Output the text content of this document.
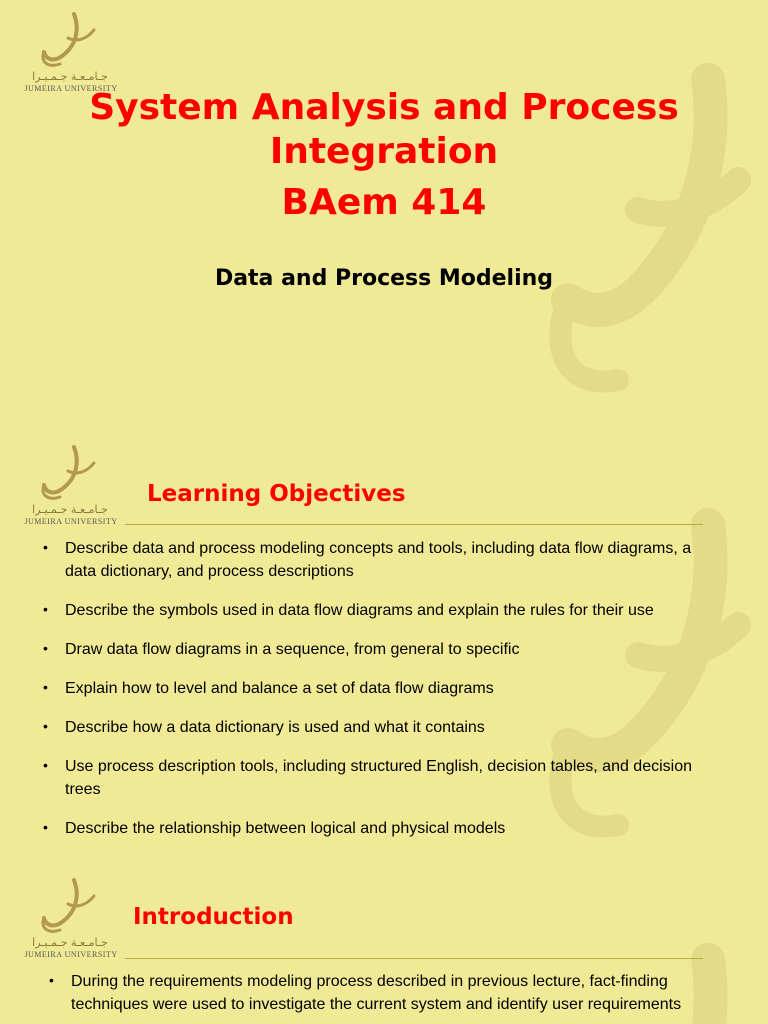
جـامـعـة جـمـيـرا
JUMEIRA UNIVERSITY
System Analysis and Process
Integration
BAem 414
Data and Process Modeling
جـامـعـة جـمـيـرا
JUMEIRA UNIVERSITY
Learning Objectives
• Describe data and process modeling concepts and tools, including data flow diagrams, a data dictionary, and process descriptions
• Describe the symbols used in data flow diagrams and explain the rules for their use
• Draw data flow diagrams in a sequence, from general to specific
• Explain how to level and balance a set of data flow diagrams
• Describe how a data dictionary is used and what it contains
• Use process description tools, including structured English, decision tables, and decision trees
• Describe the relationship between logical and physical models
جـامـعـة جـمـيـرا
JUMEIRA UNIVERSITY
Introduction
• During the requirements modeling process described in previous lecture, fact-finding techniques were used to investigate the current system and identify user requirements
